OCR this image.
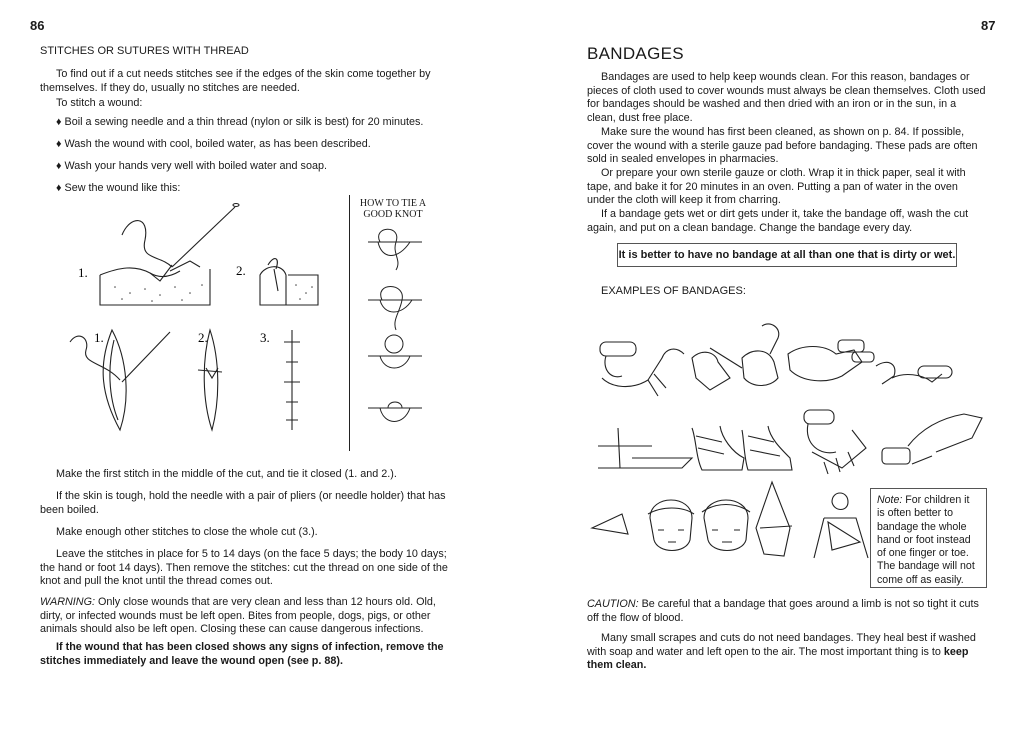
86
STITCHES OR SUTURES WITH THREAD

To find out if a cut needs stitches see if the edges of the skin come together by themselves. If they do, usually no stitches are needed.

To stitch a wound:

♦ Boil a sewing needle and a thin thread (nylon or silk is best) for 20 minutes.

♦ Wash the wound with cool, boiled water, as has been described.

♦ Wash your hands very well with boiled water and soap.

♦ Sew the wound like this:

1.	2.
1.	2.	3.
HOW TO TIE A GOOD KNOT

Make the first stitch in the middle of the cut, and tie it closed (1. and 2.).

If the skin is tough, hold the needle with a pair of pliers (or needle holder) that has been boiled.

Make enough other stitches to close the whole cut (3.).

Leave the stitches in place for 5 to 14 days (on the face 5 days; the body 10 days; the hand or foot 14 days). Then remove the stitches: cut the thread on one side of the knot and pull the knot until the thread comes out.

WARNING: Only close wounds that are very clean and less than 12 hours old. Old, dirty, or infected wounds must be left open. Bites from people, dogs, pigs, or other animals should also be left open. Closing these can cause dangerous infections.

If the wound that has been closed shows any signs of infection, remove the stitches immediately and leave the wound open (see p. 88).

87
BANDAGES

Bandages are used to help keep wounds clean. For this reason, bandages or pieces of cloth used to cover wounds must always be clean themselves. Cloth used for bandages should be washed and then dried with an iron or in the sun, in a clean, dust free place.

Make sure the wound has first been cleaned, as shown on p. 84. If possible, cover the wound with a sterile gauze pad before bandaging. These pads are often sold in sealed envelopes in pharmacies.

Or prepare your own sterile gauze or cloth. Wrap it in thick paper, seal it with tape, and bake it for 20 minutes in an oven. Putting a pan of water in the oven under the cloth will keep it from charring.

If a bandage gets wet or dirt gets under it, take the bandage off, wash the cut again, and put on a clean bandage. Change the bandage every day.

It is better to have no bandage at all than one that is dirty or wet.
EXAMPLES OF BANDAGES:

Note: For children it is often better to bandage the whole hand or foot instead of one finger or toe. The bandage will not come off as easily.

CAUTION: Be careful that a bandage that goes around a limb is not so tight it cuts off the flow of blood.

Many small scrapes and cuts do not need bandages. They heal best if washed with soap and water and left open to the air. The most important thing is to keep them clean.
